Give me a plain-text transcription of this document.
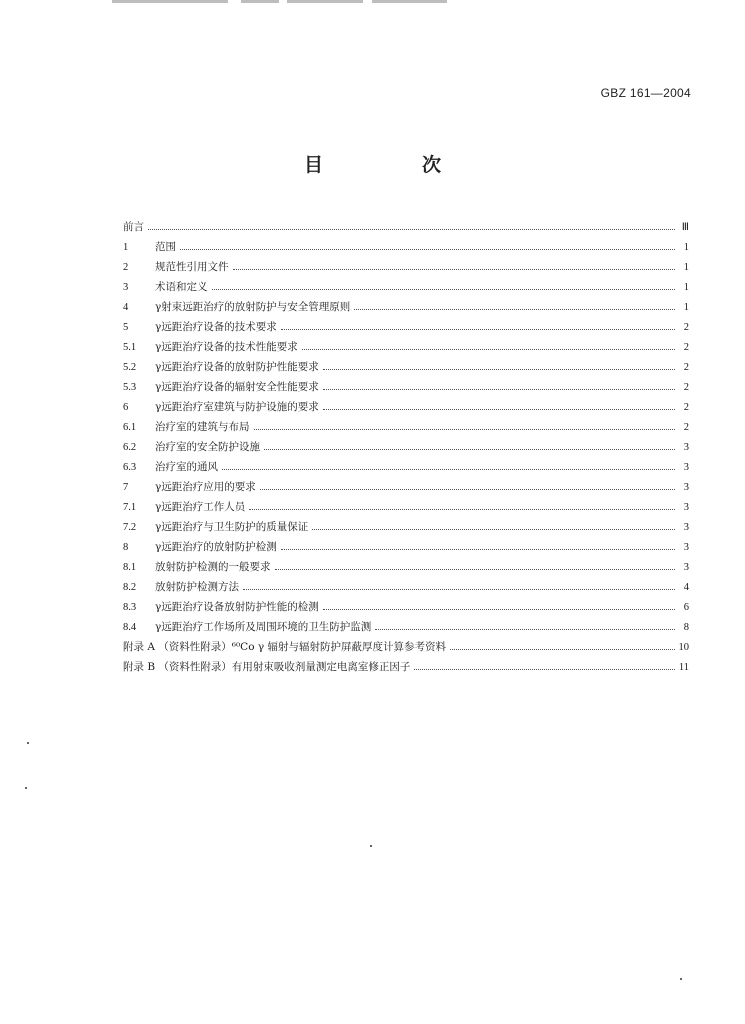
GBZ 161—2004
目　次
前言	Ⅲ
1	范围	1
2	规范性引用文件	1
3	术语和定义	1
4	γ射束远距治疗的放射防护与安全管理原则	1
5	γ远距治疗设备的技术要求	2
5.1	γ远距治疗设备的技术性能要求	2
5.2	γ远距治疗设备的放射防护性能要求	2
5.3	γ远距治疗设备的辐射安全性能要求	2
6	γ远距治疗室建筑与防护设施的要求	2
6.1	治疗室的建筑与布局	2
6.2	治疗室的安全防护设施	3
6.3	治疗室的通风	3
7	γ远距治疗应用的要求	3
7.1	γ远距治疗工作人员	3
7.2	γ远距治疗与卫生防护的质量保证	3
8	γ远距治疗的放射防护检测	3
8.1	放射防护检测的一般要求	3
8.2	放射防护检测方法	4
8.3	γ远距治疗设备放射防护性能的检测	6
8.4	γ远距治疗工作场所及周围环境的卫生防护监测	8
附录 A （资料性附录）⁶⁰Co γ 辐射与辐射防护屏蔽厚度计算参考资料	10
附录 B （资料性附录）有用射束吸收剂量测定电离室修正因子	11
